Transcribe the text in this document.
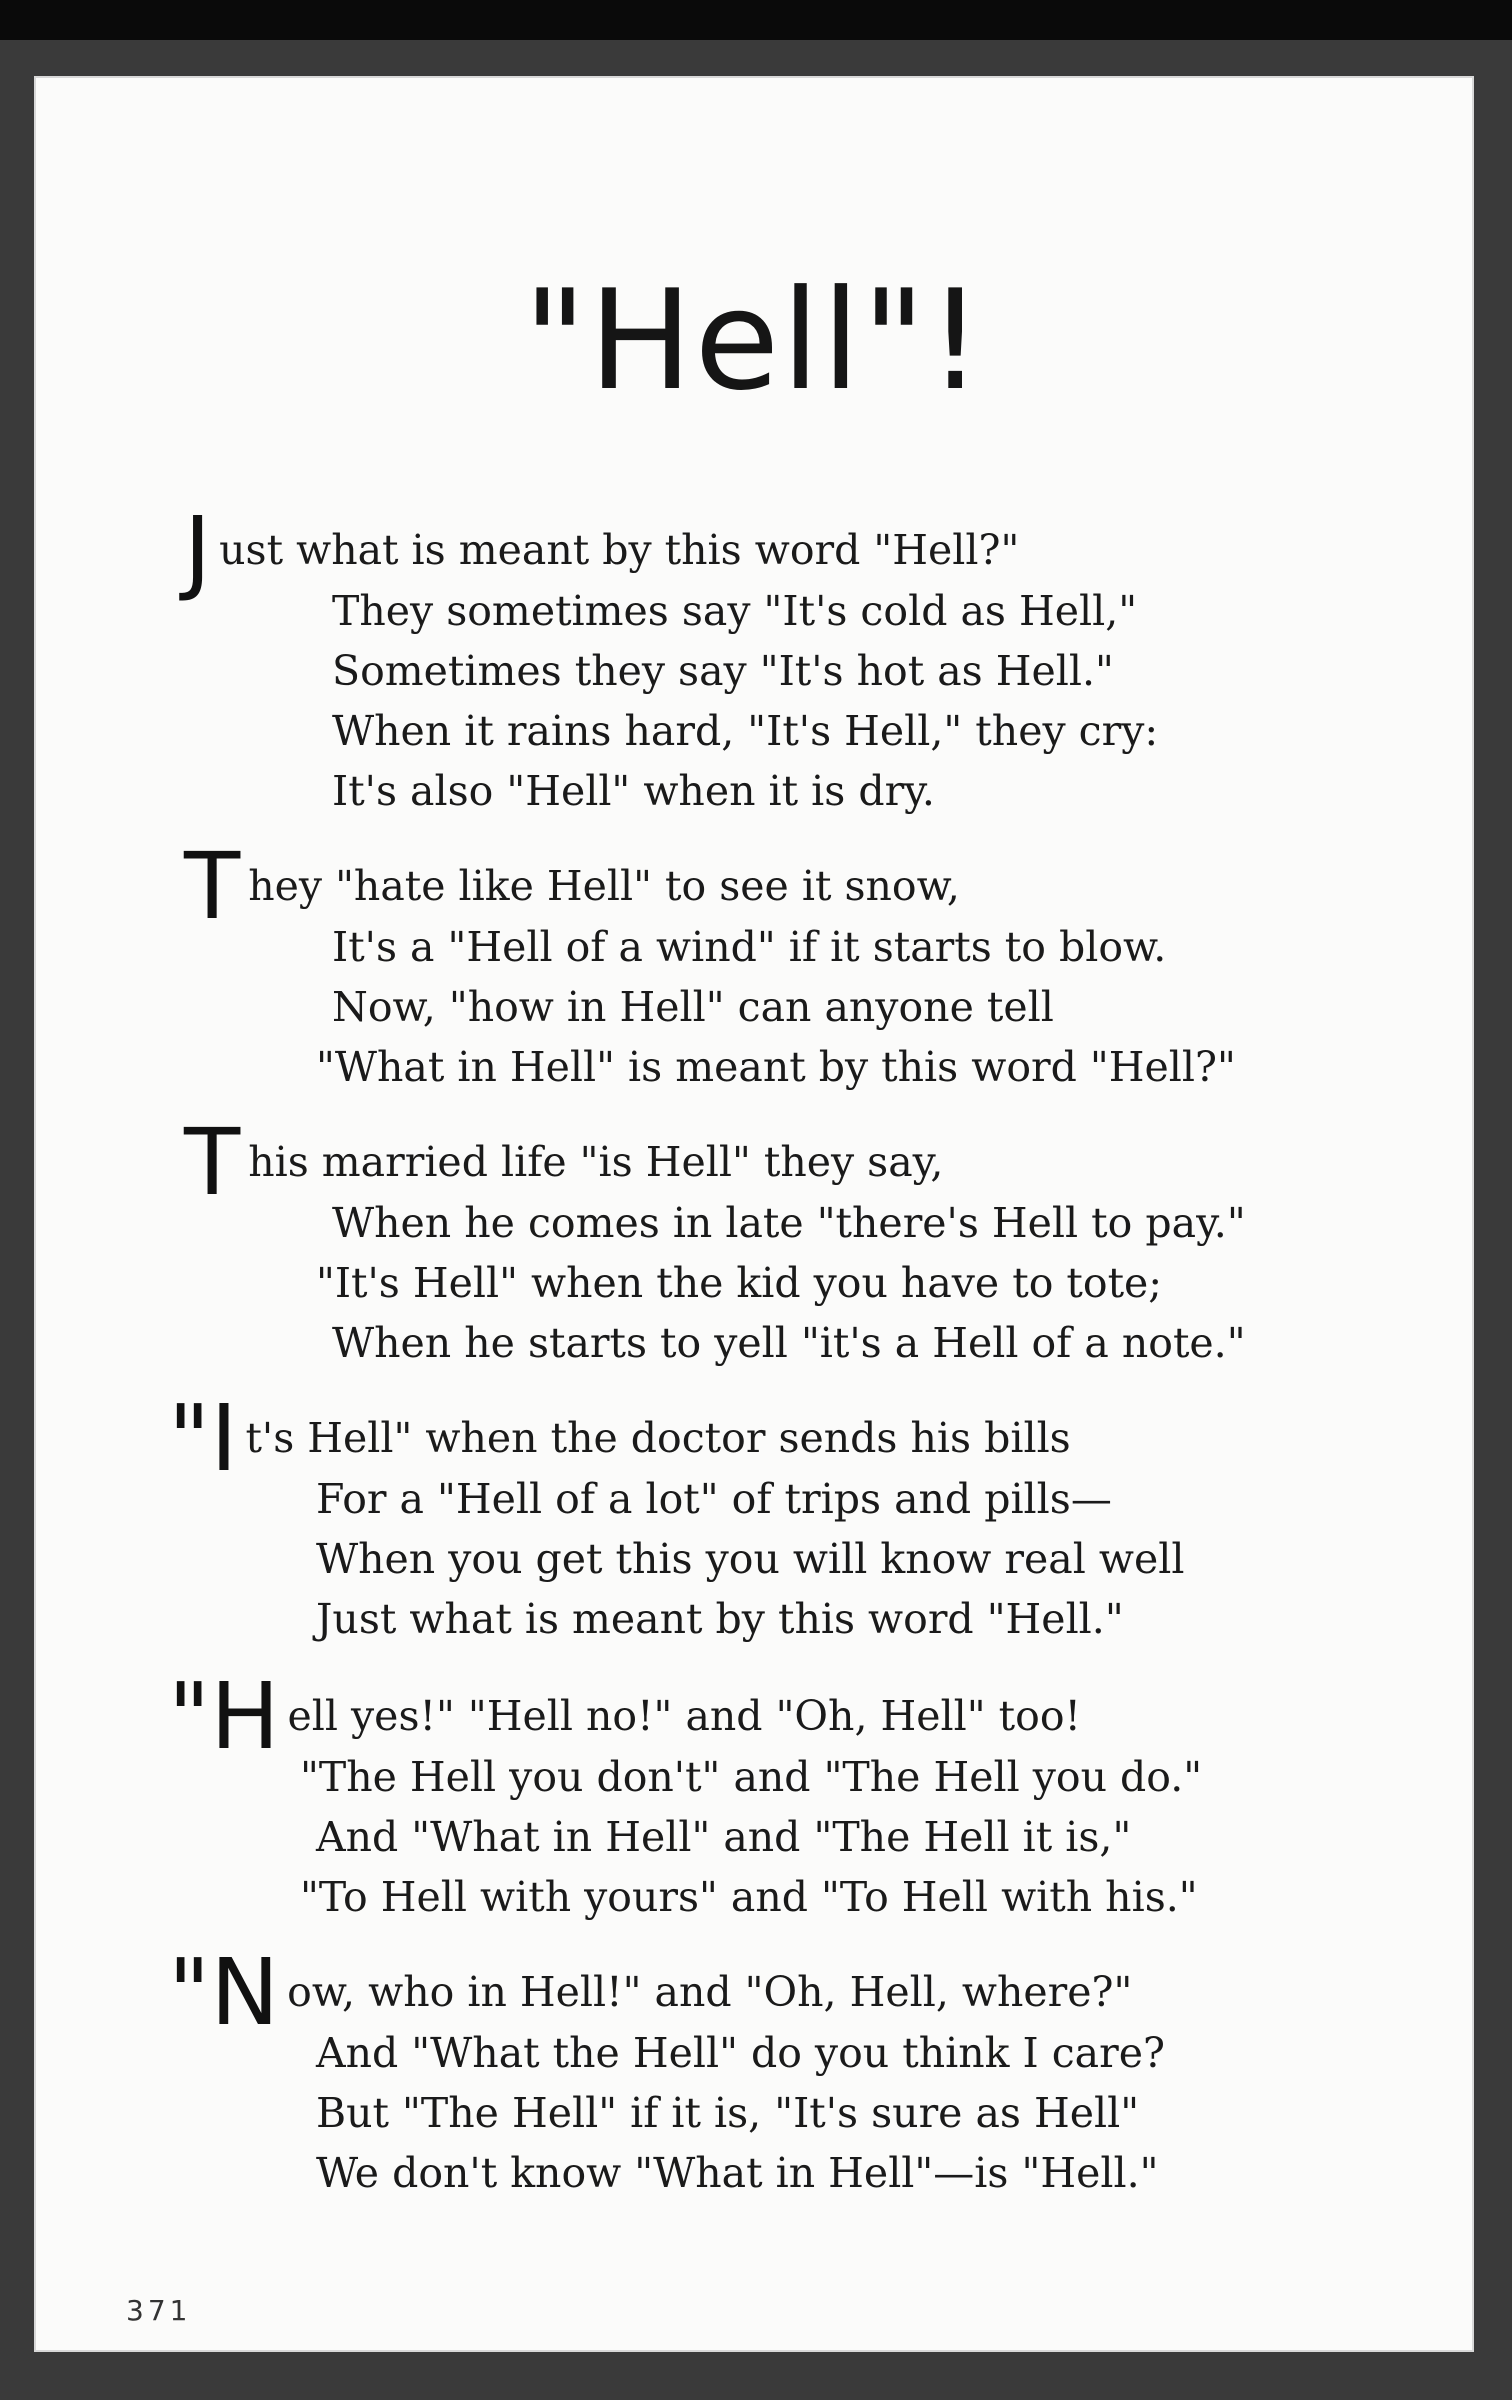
"Hell"!
Just what is meant by this word "Hell?"
They sometimes say "It's cold as Hell,"
Sometimes they say "It's hot as Hell."
When it rains hard, "It's Hell," they cry:
It's also "Hell" when it is dry.
They "hate like Hell" to see it snow,
It's a "Hell of a wind" if it starts to blow.
Now, "how in Hell" can anyone tell
"What in Hell" is meant by this word "Hell?"
This married life "is Hell" they say,
When he comes in late "there's Hell to pay."
"It's Hell" when the kid you have to tote;
When he starts to yell "it's a Hell of a note."
"It's Hell" when the doctor sends his bills
For a "Hell of a lot" of trips and pills—
When you get this you will know real well
Just what is meant by this word "Hell."
"Hell yes!" "Hell no!" and "Oh, Hell" too!
"The Hell you don't" and "The Hell you do."
And "What in Hell" and "The Hell it is,"
"To Hell with yours" and "To Hell with his."
"Now, who in Hell!" and "Oh, Hell, where?"
And "What the Hell" do you think I care?
But "The Hell" if it is, "It's sure as Hell"
We don't know "What in Hell"—is "Hell."
371
